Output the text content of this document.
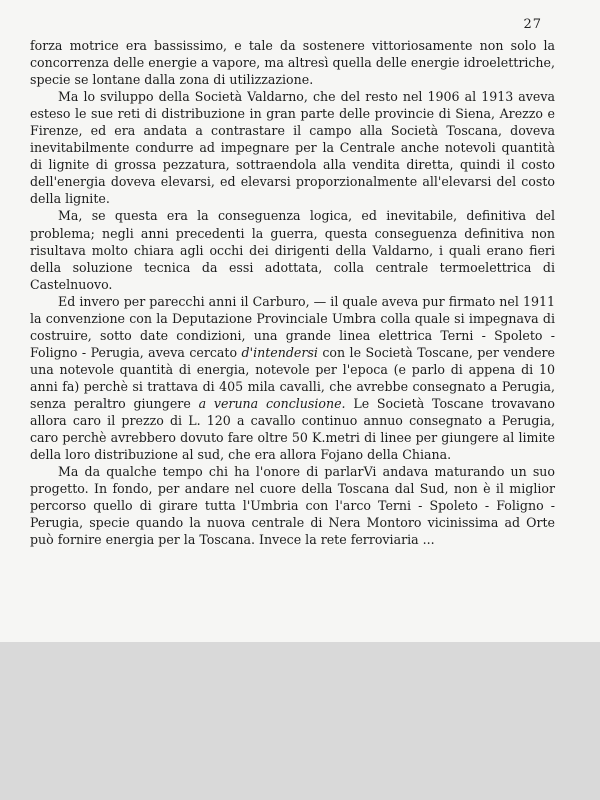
27

forza motrice era bassissimo, e tale da sostenere vittoriosamente non solo la concorrenza delle energie a vapore, ma altresì quella delle energie idroelettriche, specie se lontane dalla zona di utilizzazione.

Ma lo sviluppo della Società Valdarno, che del resto nel 1906 al 1913 aveva esteso le sue reti di distribuzione in gran parte delle provincie di Siena, Arezzo e Firenze, ed era andata a contrastare il campo alla Società Toscana, doveva inevitabilmente condurre ad impegnare per la Centrale anche notevoli quantità di lignite di grossa pezzatura, sottraendola alla vendita diretta, quindi il costo dell'energia doveva elevarsi, ed elevarsi proporzionalmente all'elevarsi del costo della lignite.

Ma, se questa era la conseguenza logica, ed inevitabile, definitiva del problema; negli anni precedenti la guerra, questa conseguenza definitiva non risultava molto chiara agli occhi dei dirigenti della Valdarno, i quali erano fieri della soluzione tecnica da essi adottata, colla centrale termoelettrica di Castelnuovo.

Ed invero per parecchi anni il Carburo, — il quale aveva pur firmato nel 1911 la convenzione con la Deputazione Provinciale Umbra colla quale si impegnava di costruire, sotto date condizioni, una grande linea elettrica Terni - Spoleto - Foligno - Perugia, aveva cercato d'intendersi con le Società Toscane, per vendere una notevole quantità di energia, notevole per l'epoca (e parlo di appena di 10 anni fa) perchè si trattava di 405 mila cavalli, che avrebbe consegnato a Perugia, senza peraltro giungere a veruna conclusione. Le Società Toscane trovavano allora caro il prezzo di L. 120 a cavallo continuo annuo consegnato a Perugia, caro perchè avrebbero dovuto fare oltre 50 K.metri di linee per giungere al limite della loro distribuzione al sud, che era allora Fojano della Chiana.

Ma da qualche tempo chi ha l'onore di parlarVi andava maturando un suo progetto. In fondo, per andare nel cuore della Toscana dal Sud, non è il miglior percorso quello di girare tutta l'Umbria con l'arco Terni - Spoleto - Foligno - Perugia, specie quando la nuova centrale di Nera Montoro vicinissima ad Orte può fornire energia per la Toscana. Invece la rete ferroviaria ...
